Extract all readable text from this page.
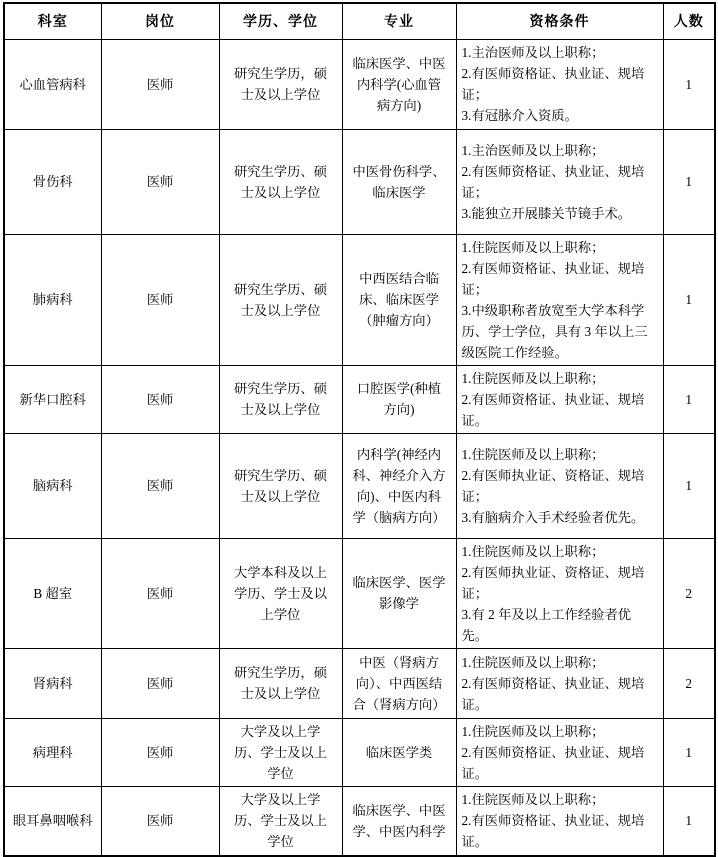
科室	岗位	学历、学位	专业	资格条件	人数
心血管病科	医师	研究生学历，硕士及以上学位	临床医学、中医内科学(心血管病方向)	1.主治医师及以上职称；
2.有医师资格证、执业证、规培证；
3.有冠脉介入资质。	1
骨伤科	医师	研究生学历、硕士及以上学位	中医骨伤科学、临床医学	1.主治医师及以上职称；
2.有医师资格证、执业证、规培证；
3.能独立开展膝关节镜手术。	1
肺病科	医师	研究生学历、硕士及以上学位	中西医结合临床、临床医学（肿瘤方向）	1.住院医师及以上职称；
2.有医师资格证、执业证、规培证；
3.中级职称者放宽至大学本科学历、学士学位，具有 3 年以上三级医院工作经验。	1
新华口腔科	医师	研究生学历、硕士及以上学位	口腔医学(种植方向)	1.住院医师及以上职称；
2.有医师资格证、执业证、规培证。	1
脑病科	医师	研究生学历、硕士及以上学位	内科学(神经内科、神经介入方向)、中医内科学（脑病方向）	1.住院医师及以上职称；
2.有医师执业证、资格证、规培证；
3.有脑病介入手术经验者优先。	1
B 超室	医师	大学本科及以上学历、学士及以上学位	临床医学、医学影像学	1.住院医师及以上职称；
2.有医师执业证、资格证、规培证；
3.有 2 年及以上工作经验者优先。	2
肾病科	医师	研究生学历，硕士及以上学位	中医（肾病方向）、中西医结合（肾病方向）	1.住院医师及以上职称；
2.有医师资格证、执业证、规培证。	2
病理科	医师	大学及以上学历、学士及以上学位	临床医学类	1.住院医师及以上职称；
2.有医师资格证、执业证、规培证。	1
眼耳鼻咽喉科	医师	大学及以上学历、学士及以上学位	临床医学、中医学、中医内科学	1.住院医师及以上职称；
2.有医师资格证、执业证、规培证。	1
